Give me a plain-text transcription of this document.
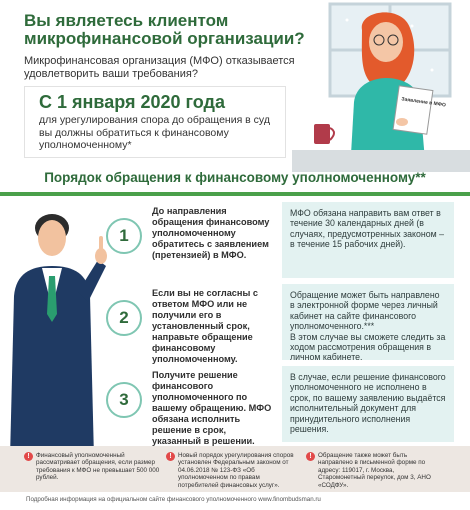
Вы являетесь клиентом микрофинансовой организации?
Микрофинансовая организация (МФО) отказывается удовлетворить ваши требования?
С 1 января 2020 года
для урегулирования спора до обращения в суд вы должны обратиться к финансовому уполномоченному*
Заявление в МФО
Порядок обращения к финансовому уполномоченному**
1
До направления обращения финансовому уполномоченному обратитесь с заявлением (претензией) в МФО.
МФО обязана направить вам ответ в течение 30 календарных дней (в случаях, предусмотренных законом – в течение 15 рабочих дней).
2
Если вы не согласны с ответом МФО или не получили его в установленный срок, направьте обращение финансовому уполномоченному.
Обращение может быть направлено в электронной форме через личный кабинет на сайте финансового уполномоченного.***
В этом случае вы сможете следить за ходом рассмотрения обращения в личном кабинете.
3
Получите решение финансового уполномоченного по вашему обращению. МФО обязана исполнить решение в срок, указанный в решении.
В случае, если решение финансового уполномоченного не исполнено в срок, по вашему заявлению выдаётся исполнительный документ для принудительного исполнения решения.
!	Финансовый уполномоченный рассматривает обращения, если размер требования к МФО не превышает 500 000 рублей.
!	Новый порядок урегулирования споров установлен Федеральным законом от 04.06.2018 № 123-ФЗ «Об уполномоченном по правам потребителей финансовых услуг».
!	Обращение также может быть направлено в письменной форме по адресу: 119017, г. Москва, Старомонетный переулок, дом 3, АНО «СОДФУ».
Подробная информация на официальном сайте финансового уполномоченного www.finombudsman.ru
